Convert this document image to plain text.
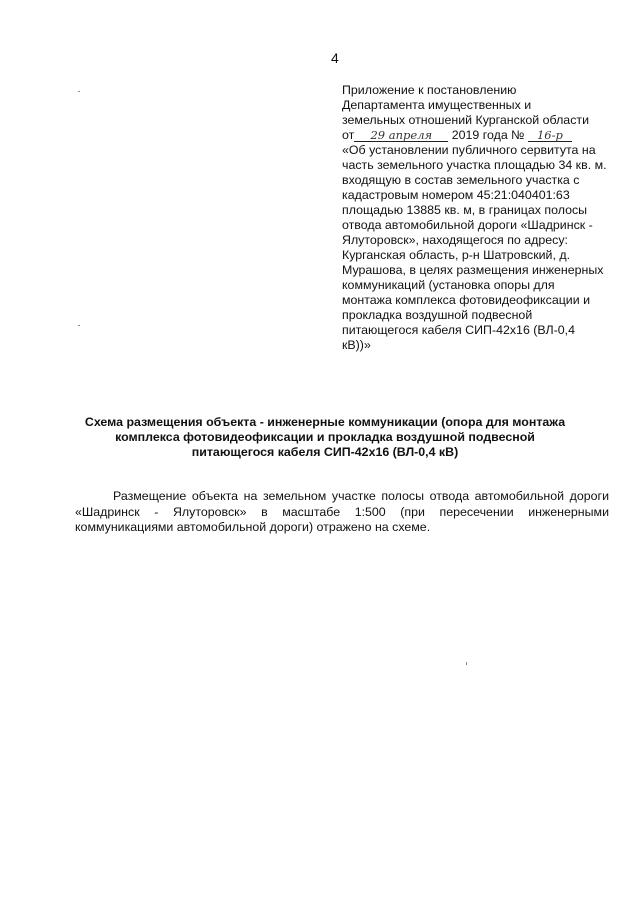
4

Приложение к постановлению

Департамента имущественных и

земельных отношений Курганской области

от 29 апреля 2019 года № 16-р

«Об установлении публичного сервитута на часть земельного участка площадью 34 кв. м. входящую в состав земельного участка с кадастровым номером 45:21:040401:63 площадью 13885 кв. м, в границах полосы отвода автомобильной дороги «Шадринск - Ялуторовск», находящегося по адресу: Курганская область, р-н Шатровский, д. Мурашова, в целях размещения инженерных коммуникаций (установка опоры для монтажа комплекса фотовидеофиксации и прокладка воздушной подвесной питающегося кабеля СИП-42х16 (ВЛ-0,4 кВ))»

Схема размещения объекта - инженерные коммуникации (опора для монтажа комплекса фотовидеофиксации и прокладка воздушной подвесной питающегося кабеля СИП-42х16 (ВЛ-0,4 кВ)
Размещение объекта на земельном участке полосы отвода автомобильной дороги «Шадринск - Ялуторовск» в масштабе 1:500 (при пересечении инженерными коммуникациями автомобильной дороги) отражено на схеме.
